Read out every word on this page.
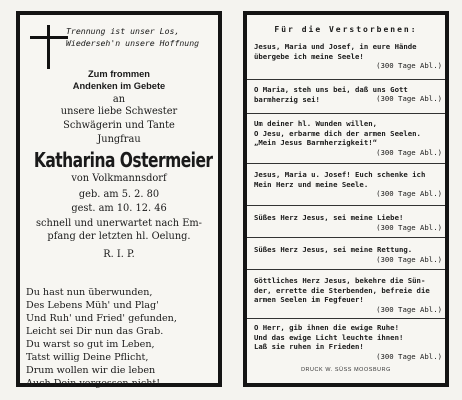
Trennung ist unser Los,
Wiederseh'n unsere Hoffnung
Zum frommen
Andenken im Gebete
an
unsere liebe Schwester
Schwägerin und Tante
Jungfrau
Katharina Ostermeier
von Volkmannsdorf
geb. am 5. 2. 80
gest. am 10. 12. 46
schnell und unerwartet nach Em-
pfang der letzten hl. Oelung.
R. I. P.
Du hast nun überwunden,
Des Lebens Müh' und Plag'
Und Ruh' und Fried' gefunden,
Leicht sei Dir nun das Grab.
Du warst so gut im Leben,
Tatst willig Deine Pflicht,
Drum wollen wir die leben
Auch Dein vergessen nicht!
Für die Verstorbenen:
Jesus, Maria und Josef, in eure Hände
übergebe ich meine Seele!
(300 Tage Abl.)
O Maria, steh uns bei, daß uns Gott
barmherzig sei!	(300 Tage Abl.)
Um deiner hl. Wunden willen,
O Jesu, erbarme dich der armen Seelen.
„Mein Jesus Barmherzigkeit!“
(300 Tage Abl.)
Jesus, Maria u. Josef! Euch schenke ich
Mein Herz und meine Seele.
(300 Tage Abl.)
Süßes Herz Jesus, sei meine Liebe!
(300 Tage Abl.)
Süßes Herz Jesus, sei meine Rettung.
(300 Tage Abl.)
Göttliches Herz Jesus, bekehre die Sün-
der, errette die Sterbenden, befreie die
armen Seelen im Fegfeuer!
(300 Tage Abl.)
O Herr, gib ihnen die ewige Ruhe!
Und das ewige Licht leuchte ihnen!
Laß sie ruhen in Frieden!
(300 Tage Abl.)
DRUCK W. SÜSS MOOSBURG
